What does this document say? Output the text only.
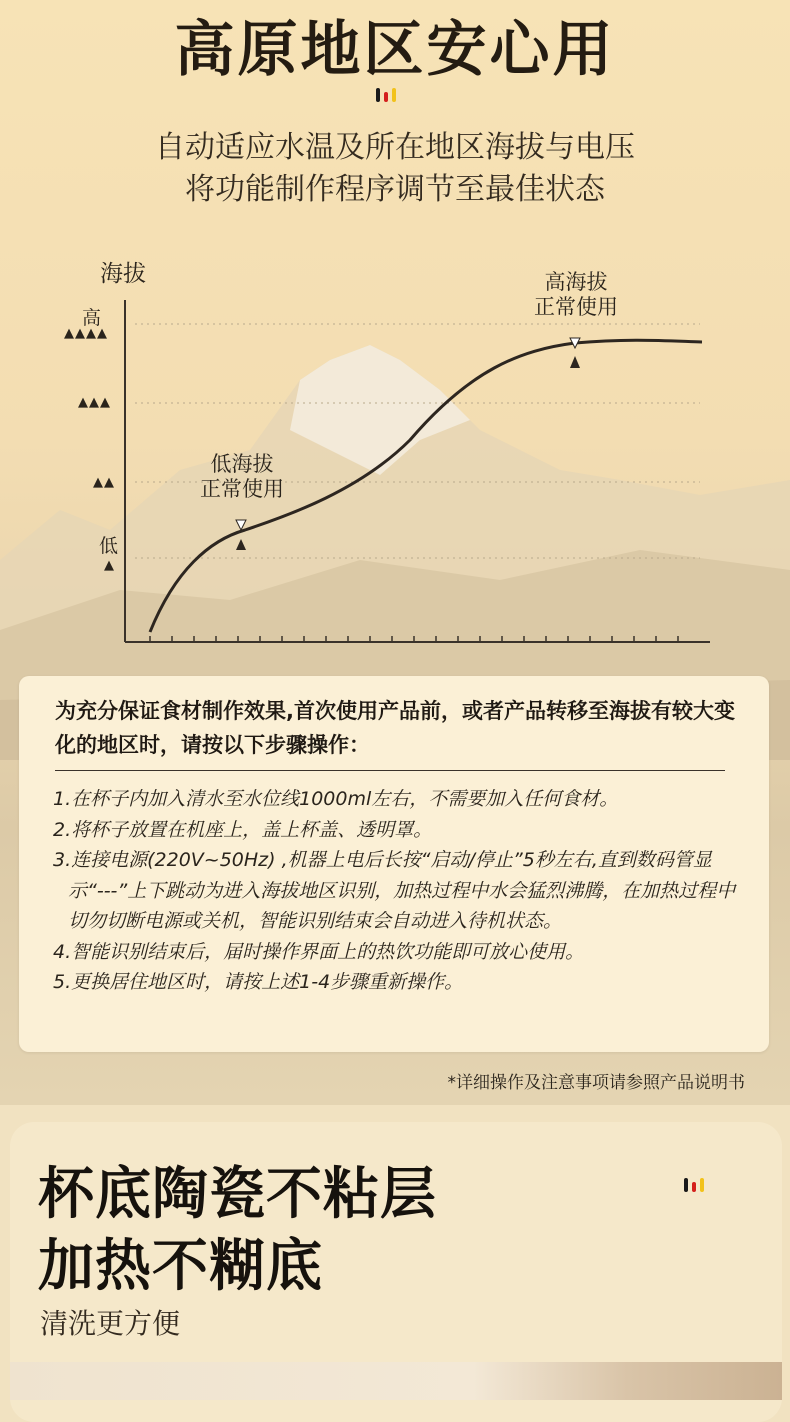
高原地区安心用
自动适应水温及所在地区海拔与电压
将功能制作程序调节至最佳状态
海拔
高
▲▲▲▲
▲▲▲
▲▲
低
▲
低海拔
正常使用
高海拔
正常使用
为充分保证食材制作效果,首次使用产品前，或者产品转移至海拔有较大变化的地区时，请按以下步骤操作：
1.在杯子内加入清水至水位线1000ml左右，不需要加入任何食材。
2.将杯子放置在机座上，盖上杯盖、透明罩。
3.连接电源(220V~50Hz) ,机器上电后长按“启动/停止”5秒左右,直到数码管显示“---”上下跳动为进入海拔地区识别，加热过程中水会猛烈沸腾，在加热过程中切勿切断电源或关机，智能识别结束会自动进入待机状态。
4.智能识别结束后，届时操作界面上的热饮功能即可放心使用。
5.更换居住地区时，请按上述1-4步骤重新操作。
*详细操作及注意事项请参照产品说明书
杯底陶瓷不粘层
加热不糊底
清洗更方便
